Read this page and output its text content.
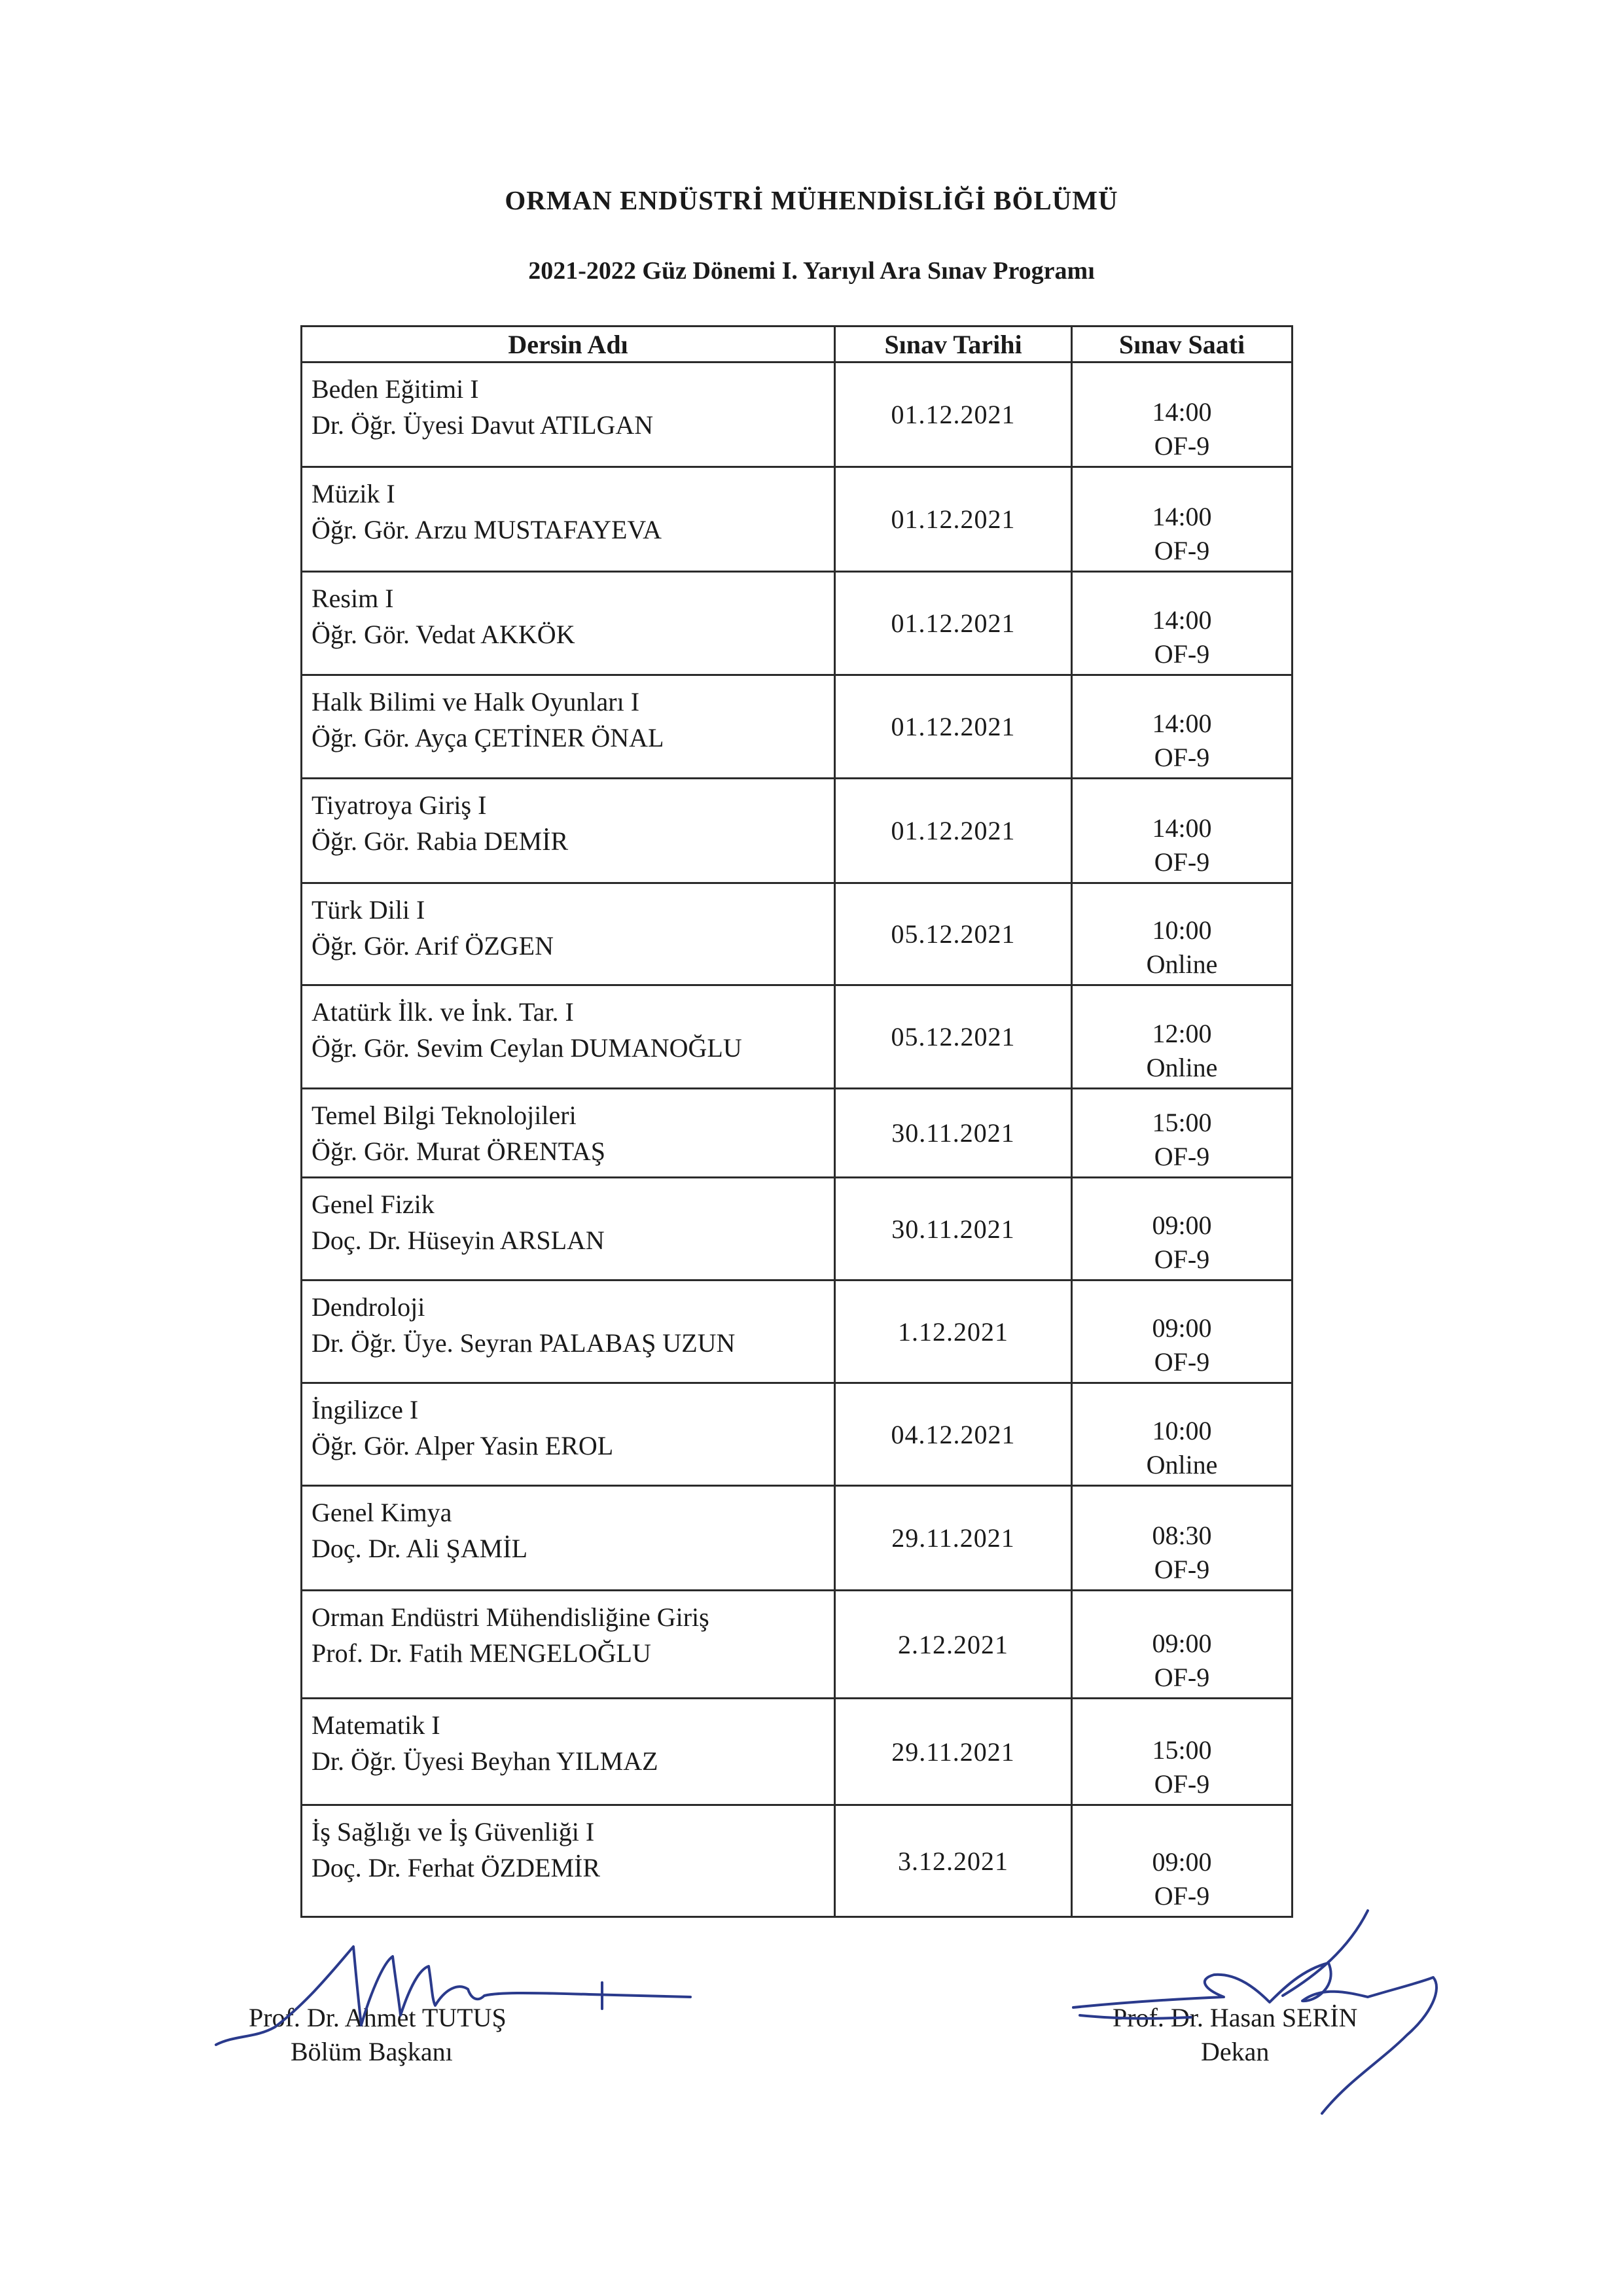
ORMAN ENDÜSTRİ MÜHENDİSLİĞİ BÖLÜMÜ
2021-2022 Güz Dönemi I. Yarıyıl Ara Sınav Programı
Dersin Adı	Sınav Tarihi	Sınav Saati

Beden Eğitimi I
Dr. Öğr. Üyesi Davut ATILGAN	01.12.2021	14:00
OF-9

Müzik I
Öğr. Gör. Arzu MUSTAFAYEVA	01.12.2021	14:00
OF-9

Resim I
Öğr. Gör. Vedat AKKÖK	01.12.2021	14:00
OF-9

Halk Bilimi ve Halk Oyunları I
Öğr. Gör. Ayça ÇETİNER ÖNAL	01.12.2021	14:00
OF-9

Tiyatroya Giriş I
Öğr. Gör. Rabia DEMİR	01.12.2021	14:00
OF-9

Türk Dili I
Öğr. Gör. Arif ÖZGEN	05.12.2021	10:00
Online

Atatürk İlk. ve İnk. Tar. I
Öğr. Gör. Sevim Ceylan DUMANOĞLU	05.12.2021	12:00
Online

Temel Bilgi Teknolojileri
Öğr. Gör. Murat ÖRENTAŞ	30.11.2021	15:00
OF-9

Genel Fizik
Doç. Dr. Hüseyin ARSLAN	30.11.2021	09:00
OF-9

Dendroloji
Dr. Öğr. Üye. Seyran PALABAŞ UZUN	1.12.2021	09:00
OF-9

İngilizce I
Öğr. Gör. Alper Yasin EROL	04.12.2021	10:00
Online

Genel Kimya
Doç. Dr. Ali ŞAMİL	29.11.2021	08:30
OF-9

Orman Endüstri Mühendisliğine Giriş
Prof. Dr. Fatih MENGELOĞLU	2.12.2021	09:00
OF-9

Matematik I
Dr. Öğr. Üyesi Beyhan YILMAZ	29.11.2021	15:00
OF-9

İş Sağlığı ve İş Güvenliği I
Doç. Dr. Ferhat ÖZDEMİR	3.12.2021	09:00
OF-9
Prof. Dr. Ahmet TUTUŞ
Bölüm Başkanı
Prof. Dr. Hasan SERİN
Dekan
